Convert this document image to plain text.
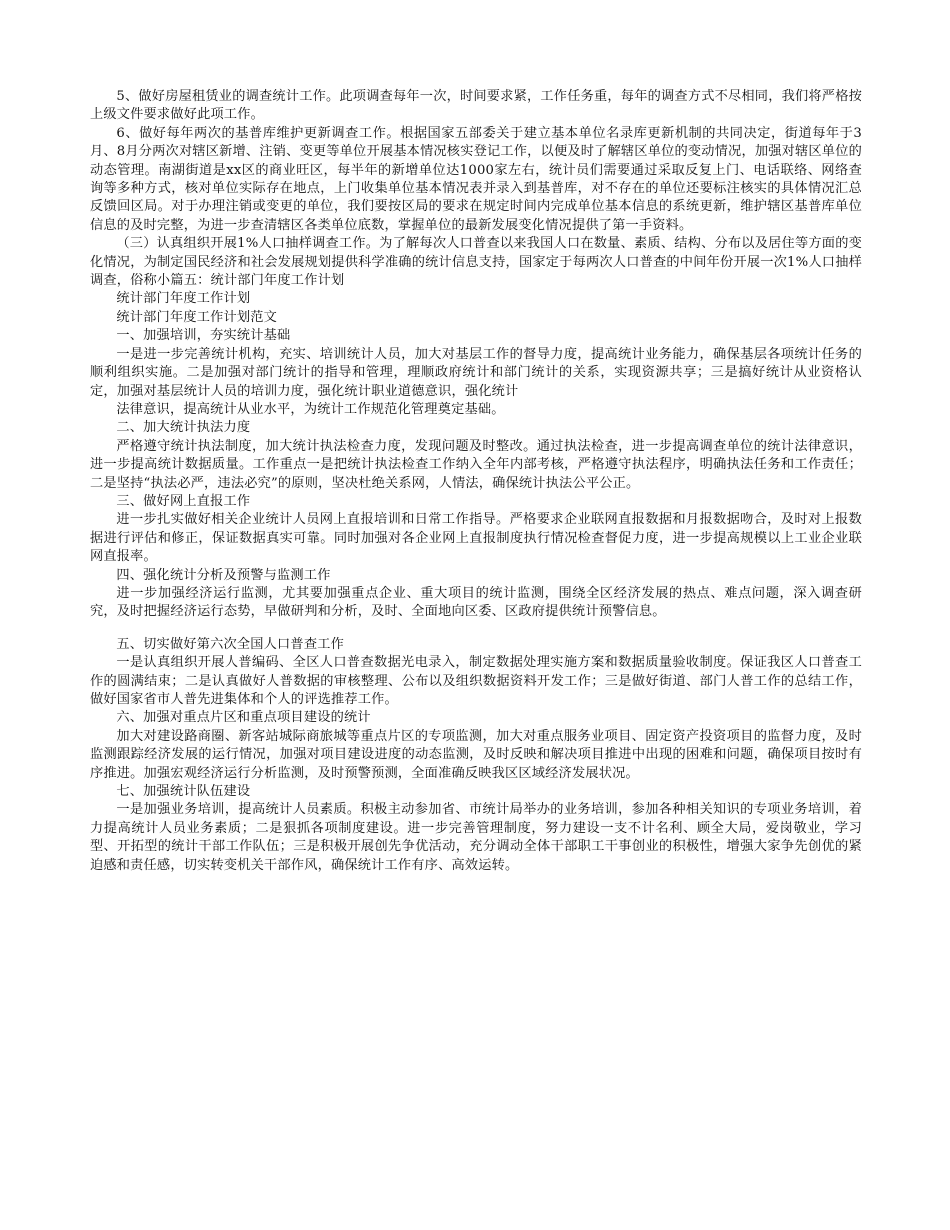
5、做好房屋租赁业的调查统计工作。此项调查每年一次，时间要求紧，工作任务重，每年的调查方式不尽相同，我们将严格按上级文件要求做好此项工作。

6、做好每年两次的基普库维护更新调查工作。根据国家五部委关于建立基本单位名录库更新机制的共同决定，街道每年于3月、8月分两次对辖区新增、注销、变更等单位开展基本情况核实登记工作，以便及时了解辖区单位的变动情况，加强对辖区单位的动态管理。南湖街道是xx区的商业旺区，每半年的新增单位达1000家左右，统计员们需要通过采取反复上门、电话联络、网络查询等多种方式，核对单位实际存在地点，上门收集单位基本情况表并录入到基普库，对不存在的单位还要标注核实的具体情况汇总反馈回区局。对于办理注销或变更的单位，我们要按区局的要求在规定时间内完成单位基本信息的系统更新，维护辖区基普库单位信息的及时完整，为进一步查清辖区各类单位底数，掌握单位的最新发展变化情况提供了第一手资料。

（三）认真组织开展1%人口抽样调查工作。为了解每次人口普查以来我国人口在数量、素质、结构、分布以及居住等方面的变化情况，为制定国民经济和社会发展规划提供科学准确的统计信息支持，国家定于每两次人口普查的中间年份开展一次1%人口抽样调查，俗称小篇五：统计部门年度工作计划

统计部门年度工作计划

统计部门年度工作计划范文

一、加强培训，夯实统计基础

一是进一步完善统计机构，充实、培训统计人员，加大对基层工作的督导力度，提高统计业务能力，确保基层各项统计任务的顺利组织实施。二是加强对部门统计的指导和管理，理顺政府统计和部门统计的关系，实现资源共享；三是搞好统计从业资格认定，加强对基层统计人员的培训力度，强化统计职业道德意识，强化统计

法律意识，提高统计从业水平，为统计工作规范化管理奠定基础。

二、加大统计执法力度

严格遵守统计执法制度，加大统计执法检查力度，发现问题及时整改。通过执法检查，进一步提高调查单位的统计法律意识，进一步提高统计数据质量。工作重点一是把统计执法检查工作纳入全年内部考核，严格遵守执法程序，明确执法任务和工作责任；二是坚持“执法必严，违法必究”的原则，坚决杜绝关系网，人情法，确保统计执法公平公正。

三、做好网上直报工作

进一步扎实做好相关企业统计人员网上直报培训和日常工作指导。严格要求企业联网直报数据和月报数据吻合，及时对上报数据进行评估和修正，保证数据真实可靠。同时加强对各企业网上直报制度执行情况检查督促力度，进一步提高规模以上工业企业联网直报率。

四、强化统计分析及预警与监测工作

进一步加强经济运行监测，尤其要加强重点企业、重大项目的统计监测，围绕全区经济发展的热点、难点问题，深入调查研究，及时把握经济运行态势，早做研判和分析，及时、全面地向区委、区政府提供统计预警信息。

五、切实做好第六次全国人口普查工作

一是认真组织开展人普编码、全区人口普查数据光电录入，制定数据处理实施方案和数据质量验收制度。保证我区人口普查工作的圆满结束；二是认真做好人普数据的审核整理、公布以及组织数据资料开发工作；三是做好街道、部门人普工作的总结工作，做好国家省市人普先进集体和个人的评选推荐工作。

六、加强对重点片区和重点项目建设的统计

加大对建设路商圈、新客站城际商旅城等重点片区的专项监测，加大对重点服务业项目、固定资产投资项目的监督力度，及时监测跟踪经济发展的运行情况，加强对项目建设进度的动态监测，及时反映和解决项目推进中出现的困难和问题，确保项目按时有序推进。加强宏观经济运行分析监测，及时预警预测，全面准确反映我区区域经济发展状况。

七、加强统计队伍建设

一是加强业务培训，提高统计人员素质。积极主动参加省、市统计局举办的业务培训，参加各种相关知识的专项业务培训，着力提高统计人员业务素质；二是狠抓各项制度建设。进一步完善管理制度，努力建设一支不计名利、顾全大局，爱岗敬业，学习型、开拓型的统计干部工作队伍；三是积极开展创先争优活动，充分调动全体干部职工干事创业的积极性，增强大家争先创优的紧迫感和责任感，切实转变机关干部作风，确保统计工作有序、高效运转。
